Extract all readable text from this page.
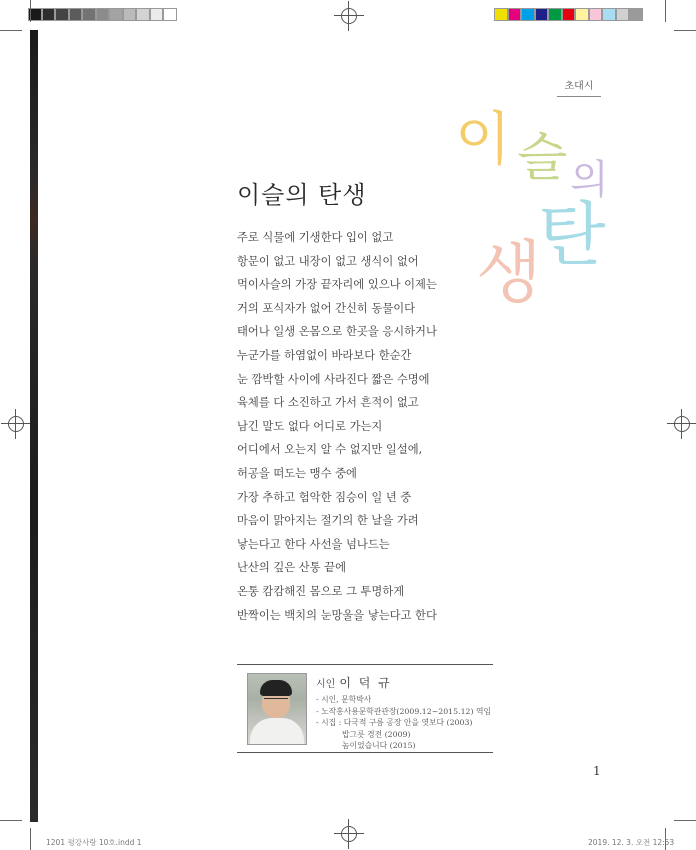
초대시
이 슬 의
탄
생
이슬의 탄생
주로 식물에 기생한다 입이 없고
항문이 없고 내장이 없고 생식이 없어
먹이사슬의 가장 끝자리에 있으나 이제는
거의 포식자가 없어 간신히 동물이다
태어나 일생 온몸으로 한곳을 응시하거나
누군가를 하염없이 바라보다 한순간
눈 깜박할 사이에 사라진다 짧은 수명에
육체를 다 소진하고 가서 흔적이 없고
남긴 말도 없다 어디로 가는지
어디에서 오는지 알 수 없지만 일설에,
허공을 떠도는 맹수 중에
가장 추하고 험악한 짐승이 일 년 중
마음이 맑아지는 절기의 한 날을 가려
낳는다고 한다 사선을 넘나드는
난산의 깊은 산통 끝에
온통 캄캄해진 몸으로 그 투명하게
반짝이는 백치의 눈망울을 낳는다고 한다
시인 이 덕 규
- 시인, 문학박사
- 노작홍사용문학관관장(2009.12~2015.12) 역임
- 시집 : 다국적 구름 공장 안을 엿보다 (2003)
밥그릇 경전 (2009)
놈이었습니다 (2015)
1
1201 평강사랑 10호.indd 1	2019. 12. 3. 오전 12:53
